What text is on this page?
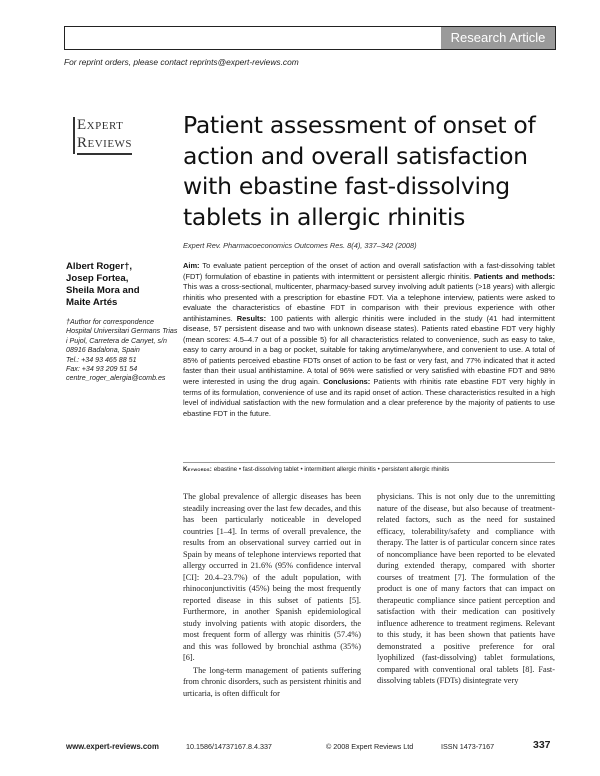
Research Article
For reprint orders, please contact reprints@expert-reviews.com
Expert
Reviews
Patient assessment of onset of action and overall satisfaction with ebastine fast-dissolving tablets in allergic rhinitis
Expert Rev. Pharmacoeconomics Outcomes Res. 8(4), 337–342 (2008)
Albert Roger†,
Josep Fortea,
Sheila Mora and
Maite Artés
†Author for correspondence
Hospital Universitari Germans Trias i Pujol, Carretera de Canyet, s/n 08916 Badalona, Spain
Tel.: +34 93 465 88 51
Fax: +34 93 209 51 54
centre_roger_alergia@comb.es
Aim: To evaluate patient perception of the onset of action and overall satisfaction with a fast-dissolving tablet (FDT) formulation of ebastine in patients with intermittent or persistent allergic rhinitis. Patients and methods: This was a cross-sectional, multicenter, pharmacy-based survey involving adult patients (>18 years) with allergic rhinitis who presented with a prescription for ebastine FDT. Via a telephone interview, patients were asked to evaluate the characteristics of ebastine FDT in comparison with their previous experience with other antihistamines. Results: 100 patients with allergic rhinitis were included in the study (41 had intermittent disease, 57 persistent disease and two with unknown disease states). Patients rated ebastine FDT very highly (mean scores: 4.5–4.7 out of a possible 5) for all characteristics related to convenience, such as easy to take, easy to carry around in a bag or pocket, suitable for taking anytime/anywhere, and convenient to use. A total of 85% of patients perceived ebastine FDTs onset of action to be fast or very fast, and 77% indicated that it acted faster than their usual antihistamine. A total of 96% were satisfied or very satisfied with ebastine FDT and 98% were interested in using the drug again. Conclusions: Patients with rhinitis rate ebastine FDT very highly in terms of its formulation, convenience of use and its rapid onset of action. These characteristics resulted in a high level of individual satisfaction with the new formulation and a clear preference by the majority of patients to use ebastine FDT in the future.
Keywords: ebastine • fast-dissolving tablet • intermittent allergic rhinitis • persistent allergic rhinitis

The global prevalence of allergic diseases has been steadily increasing over the last few decades, and this has been particularly noticeable in developed countries [1–4]. In terms of overall prevalence, the results from an observational survey carried out in Spain by means of telephone interviews reported that allergy occurred in 21.6% (95% confidence interval [CI]: 20.4–23.7%) of the adult population, with rhinoconjunctivitis (45%) being the most frequently reported disease in this subset of patients [5]. Furthermore, in another Spanish epidemiological study involving patients with atopic disorders, the most frequent form of allergy was rhinitis (57.4%) and this was followed by bronchial asthma (35%) [6].

The long-term management of patients suffering from chronic disorders, such as persistent rhinitis and urticaria, is often difficult for

physicians. This is not only due to the unremitting nature of the disease, but also because of treatment-related factors, such as the need for sustained efficacy, tolerability/safety and compliance with therapy. The latter is of particular concern since rates of noncompliance have been reported to be elevated during extended therapy, compared with shorter courses of treatment [7]. The formulation of the product is one of many factors that can impact on therapeutic compliance since patient perception and satisfaction with their medication can positively influence adherence to treatment regimens. Relevant to this study, it has been shown that patients have demonstrated a positive preference for oral lyophilized (fast-dissolving) tablet formulations, compared with conventional oral tablets [8]. Fast-dissolving tablets (FDTs) disintegrate very

www.expert-reviews.com	10.1586/14737167.8.4.337	© 2008 Expert Reviews Ltd	ISSN 1473-7167	337
